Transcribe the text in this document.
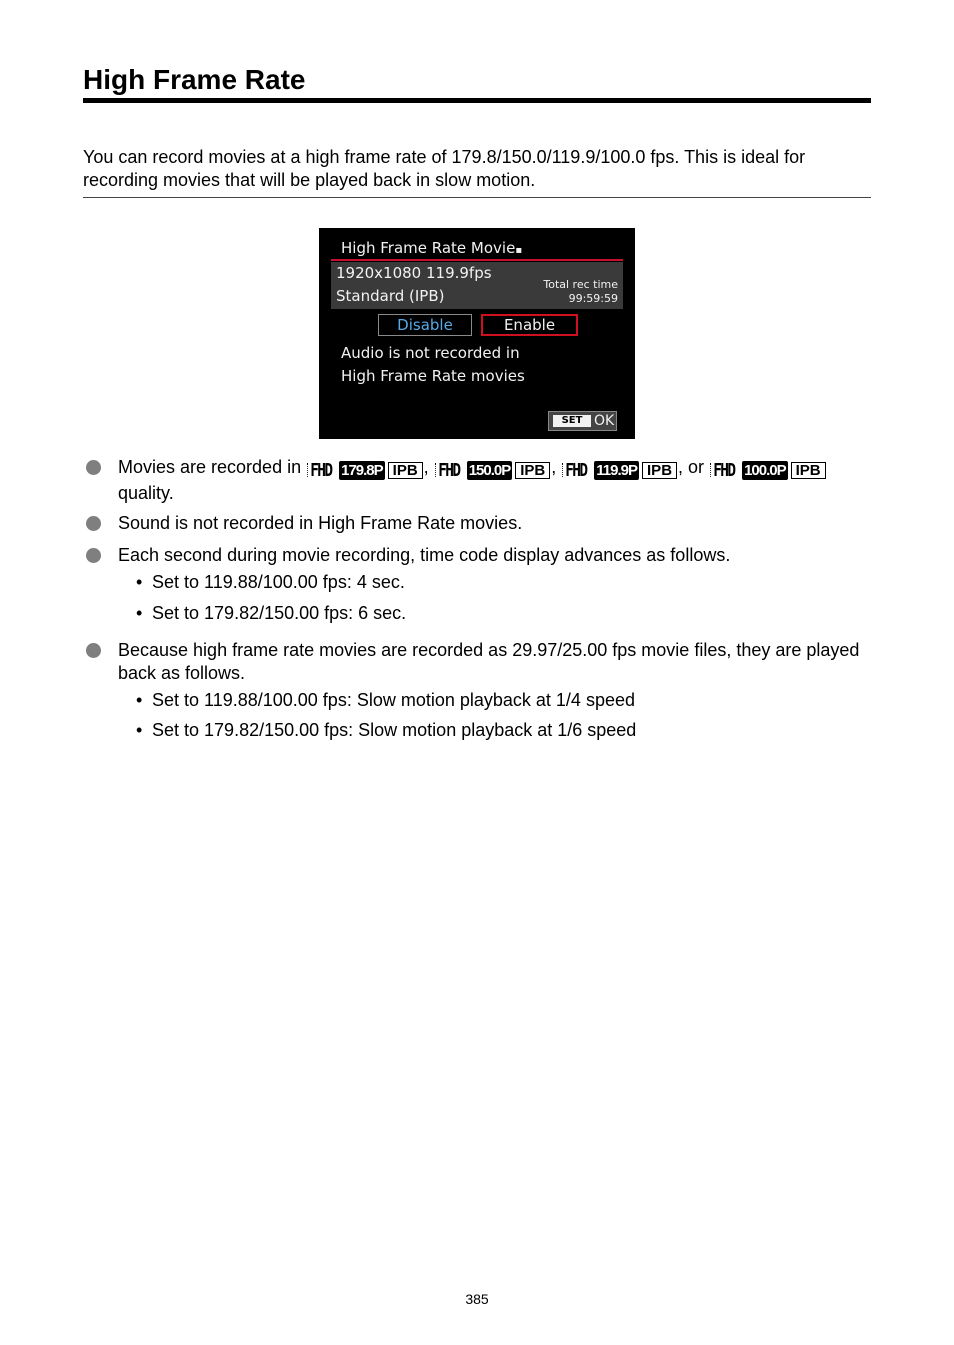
High Frame Rate

You can record movies at a high frame rate of 179.8/150.0/119.9/100.0 fps. This is ideal for recording movies that will be played back in slow motion.

High Frame Rate Movie▪
1920x1080 119.9fps
Standard (IPB)
Total rec time
99:59:59
Disable	Enable
Audio is not recorded in
High Frame Rate movies
SET OK
Movies are recorded in FHD 179.8P IPB , FHD 150.0P IPB , FHD 119.9P IPB , or FHD 100.0P IPB

quality.
Sound is not recorded in High Frame Rate movies.
Each second during movie recording, time code display advances as follows.
• Set to 119.88/100.00 fps: 4 sec.
• Set to 179.82/150.00 fps: 6 sec.
Because high frame rate movies are recorded as 29.97/25.00 fps movie files, they are played back as follows.
• Set to 119.88/100.00 fps: Slow motion playback at 1/4 speed
• Set to 179.82/150.00 fps: Slow motion playback at 1/6 speed
385
